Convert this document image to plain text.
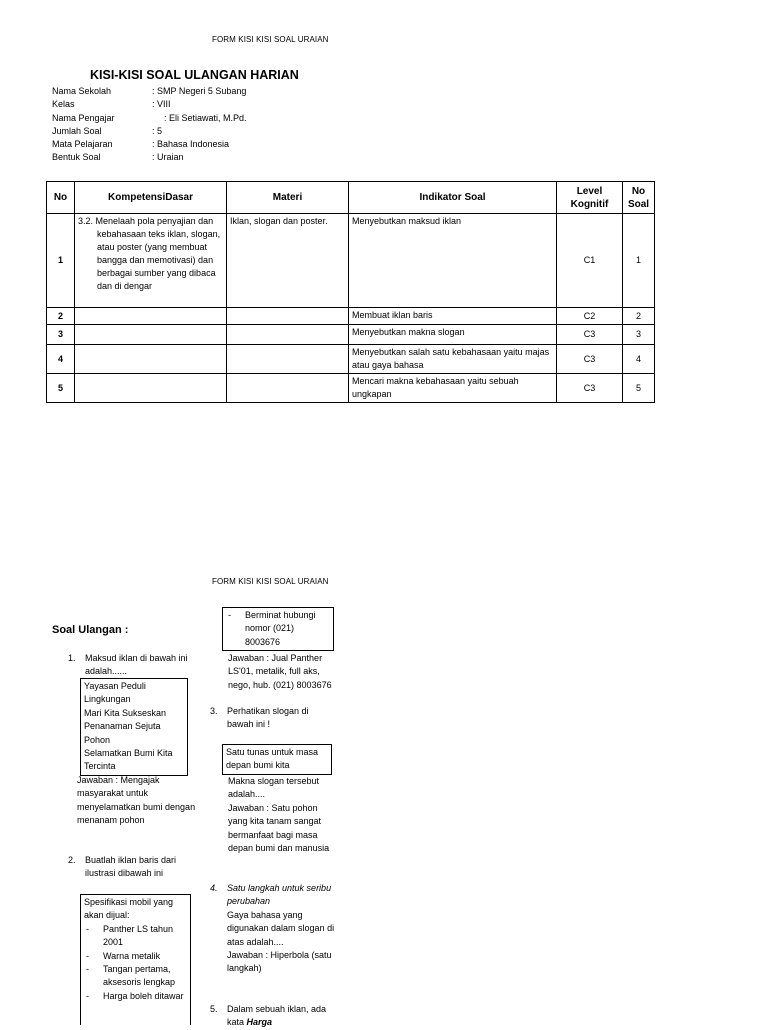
FORM KISI KISI SOAL URAIAN
KISI-KISI SOAL ULANGAN HARIAN
Nama Sekolah	: SMP Negeri 5 Subang
Kelas	: VIII
Nama Pengajar	: Eli Setiawati, M.Pd.
Jumlah Soal	: 5
Mata Pelajaran	: Bahasa Indonesia
Bentuk Soal	: Uraian
No	KompetensiDasar	Materi	Indikator Soal	Level Kognitif	No Soal
1	3.2. Menelaah pola penyajian dan kebahasaan teks iklan, slogan, atau poster (yang membuat bangga dan memotivasi) dan berbagai sumber yang dibaca dan di dengar	Iklan, slogan dan poster.	Menyebutkan maksud iklan	C1	1
2			Membuat iklan baris	C2	2
3			Menyebutkan makna slogan	C3	3
4			Menyebutkan salah satu kebahasaan yaitu majas atau gaya bahasa	C3	4
5			Mencari makna kebahasaan yaitu sebuah ungkapan	C3	5
FORM KISI KISI SOAL URAIAN
Soal Ulangan :
1. Maksud iklan di bawah ini adalah......
Yayasan Peduli Lingkungan
Mari Kita Sukseskan Penanaman Sejuta Pohon
Selamatkan Bumi Kita Tercinta
Jawaban : Mengajak masyarakat untuk menyelamatkan bumi dengan menanam pohon
2. Buatlah iklan baris dari ilustrasi dibawah ini
Spesifikasi mobil yang akan dijual:
- Panther LS tahun 2001
- Warna metalik
- Tangan pertama, aksesoris lengkap
- Harga boleh ditawar
- Berminat hubungi nomor (021) 8003676
Jawaban : Jual Panther LS'01, metalik, full aks, nego, hub. (021) 8003676
3. Perhatikan slogan di bawah ini !
Satu tunas untuk masa depan bumi kita
Makna slogan tersebut adalah....
Jawaban : Satu pohon yang kita tanam sangat bermanfaat bagi masa depan bumi dan manusia
4. Satu langkah untuk seribu perubahan
Gaya bahasa yang digunakan dalam slogan di atas adalah....
Jawaban : Hiperbola (satu langkah)
5. Dalam sebuah iklan, ada kata Harga
